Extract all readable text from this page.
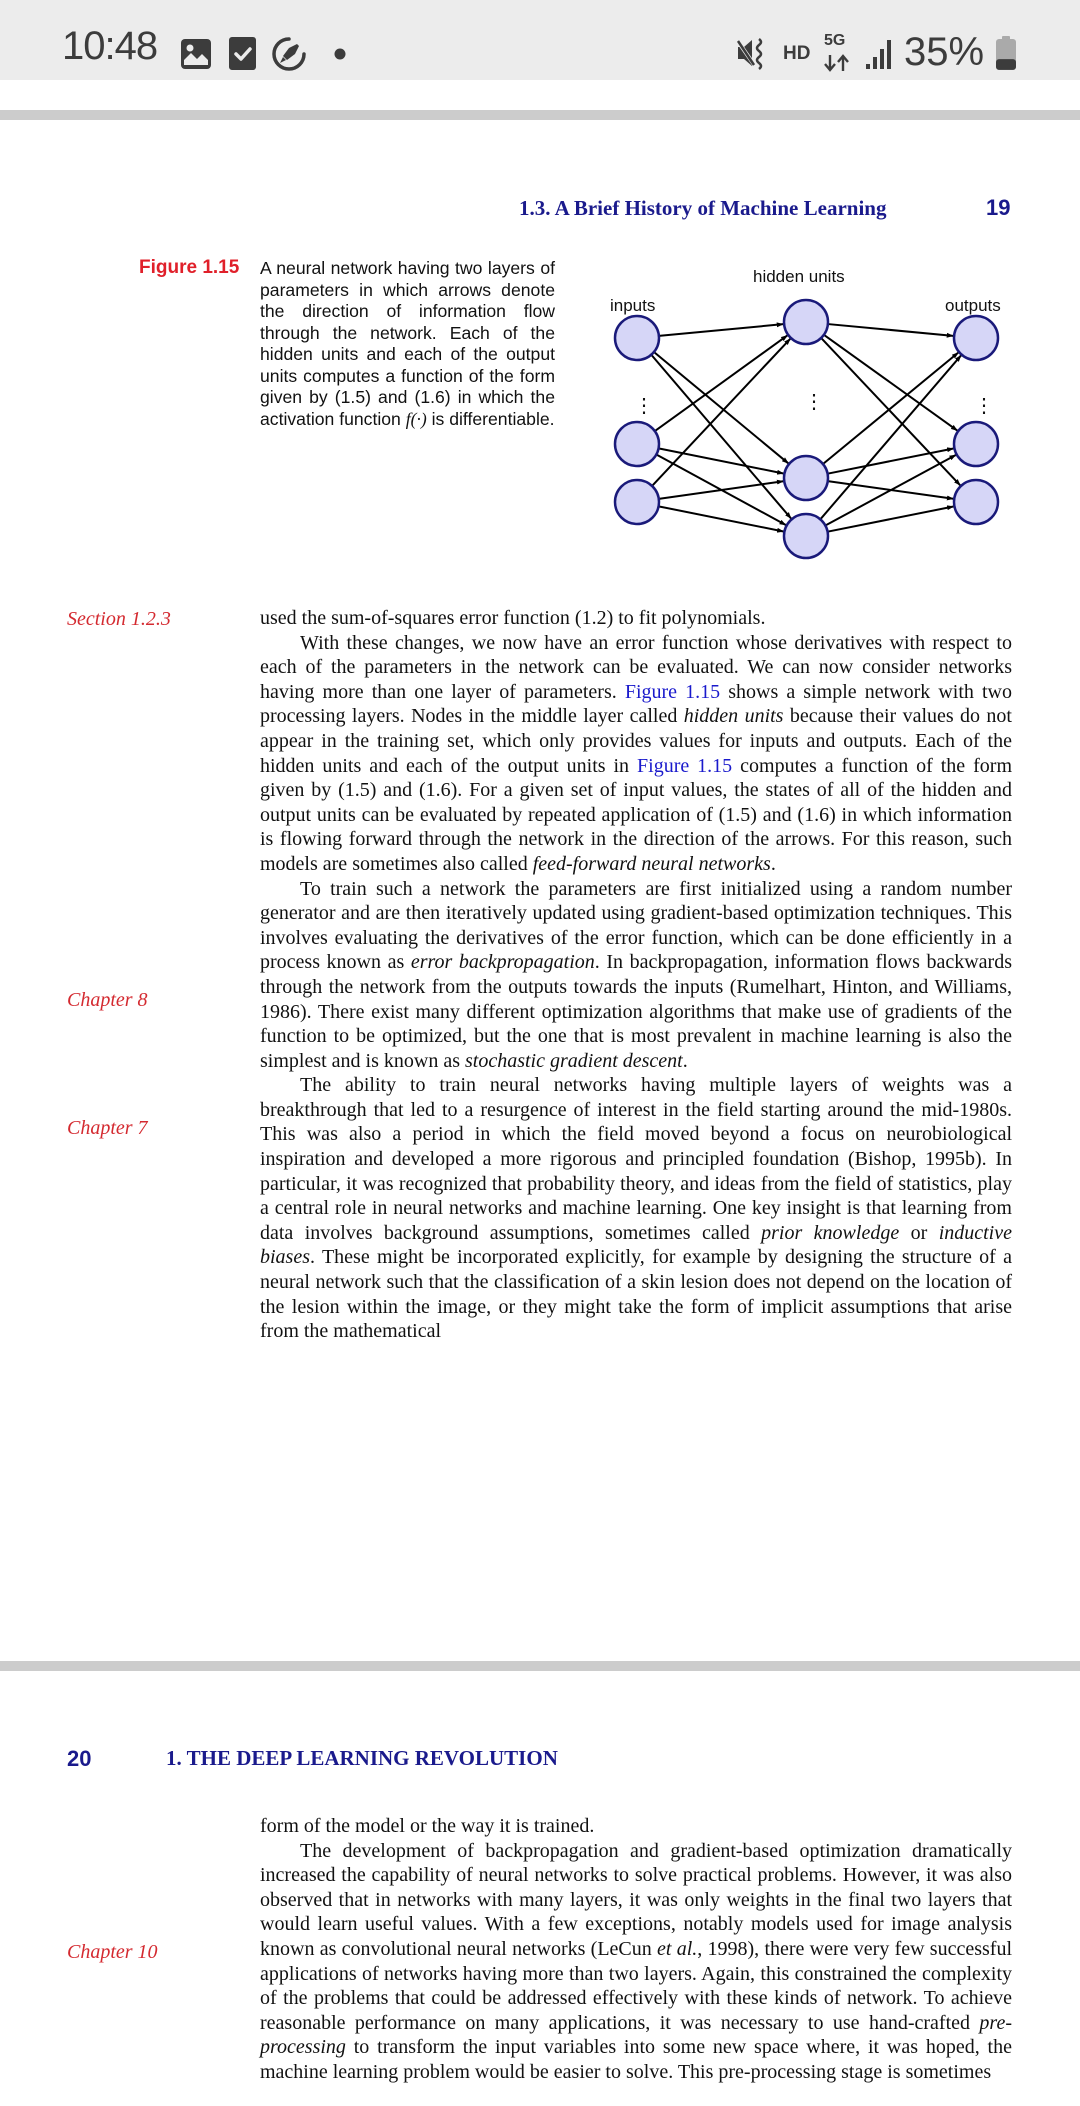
10:48	HD
5G 35%
1.3. A Brief History of Machine Learning	19
Figure 1.15 A neural network having two layers of parameters in which arrows denote the direction of information flow through the network. Each of the hidden units and each of the output units computes a function of the form given by (1.5) and (1.6) in which the activation function f(·) is differentiable.
hidden units
inputs	outputs
⋮	⋮	⋮
Section 1.2.3
Chapter 8
Chapter 7

used the sum-of-squares error function (1.2) to fit polynomials.

With these changes, we now have an error function whose derivatives with respect to each of the parameters in the network can be evaluated. We can now consider networks having more than one layer of parameters. Figure 1.15 shows a simple network with two processing layers. Nodes in the middle layer called hidden units because their values do not appear in the training set, which only provides values for inputs and outputs. Each of the hidden units and each of the output units in Figure 1.15 computes a function of the form given by (1.5) and (1.6). For a given set of input values, the states of all of the hidden and output units can be evaluated by repeated application of (1.5) and (1.6) in which information is flowing forward through the network in the direction of the arrows. For this reason, such models are sometimes also called feed-forward neural networks.

To train such a network the parameters are first initialized using a random number generator and are then iteratively updated using gradient-based optimization techniques. This involves evaluating the derivatives of the error function, which can be done efficiently in a process known as error backpropagation. In backpropagation, information flows backwards through the network from the outputs towards the inputs (Rumelhart, Hinton, and Williams, 1986). There exist many different optimization algorithms that make use of gradients of the function to be optimized, but the one that is most prevalent in machine learning is also the simplest and is known as stochastic gradient descent.

The ability to train neural networks having multiple layers of weights was a breakthrough that led to a resurgence of interest in the field starting around the mid-1980s. This was also a period in which the field moved beyond a focus on neurobiological inspiration and developed a more rigorous and principled foundation (Bishop, 1995b). In particular, it was recognized that probability theory, and ideas from the field of statistics, play a central role in neural networks and machine learning. One key insight is that learning from data involves background assumptions, sometimes called prior knowledge or inductive biases. These might be incorporated explicitly, for example by designing the structure of a neural network such that the classification of a skin lesion does not depend on the location of the lesion within the image, or they might take the form of implicit assumptions that arise from the mathematical

20	1. THE DEEP LEARNING REVOLUTION
Chapter 10

form of the model or the way it is trained.

The development of backpropagation and gradient-based optimization dramatically increased the capability of neural networks to solve practical problems. However, it was also observed that in networks with many layers, it was only weights in the final two layers that would learn useful values. With a few exceptions, notably models used for image analysis known as convolutional neural networks (LeCun et al., 1998), there were very few successful applications of networks having more than two layers. Again, this constrained the complexity of the problems that could be addressed effectively with these kinds of network. To achieve reasonable performance on many applications, it was necessary to use hand-crafted pre-processing to transform the input variables into some new space where, it was hoped, the machine learning problem would be easier to solve. This pre-processing stage is sometimes
